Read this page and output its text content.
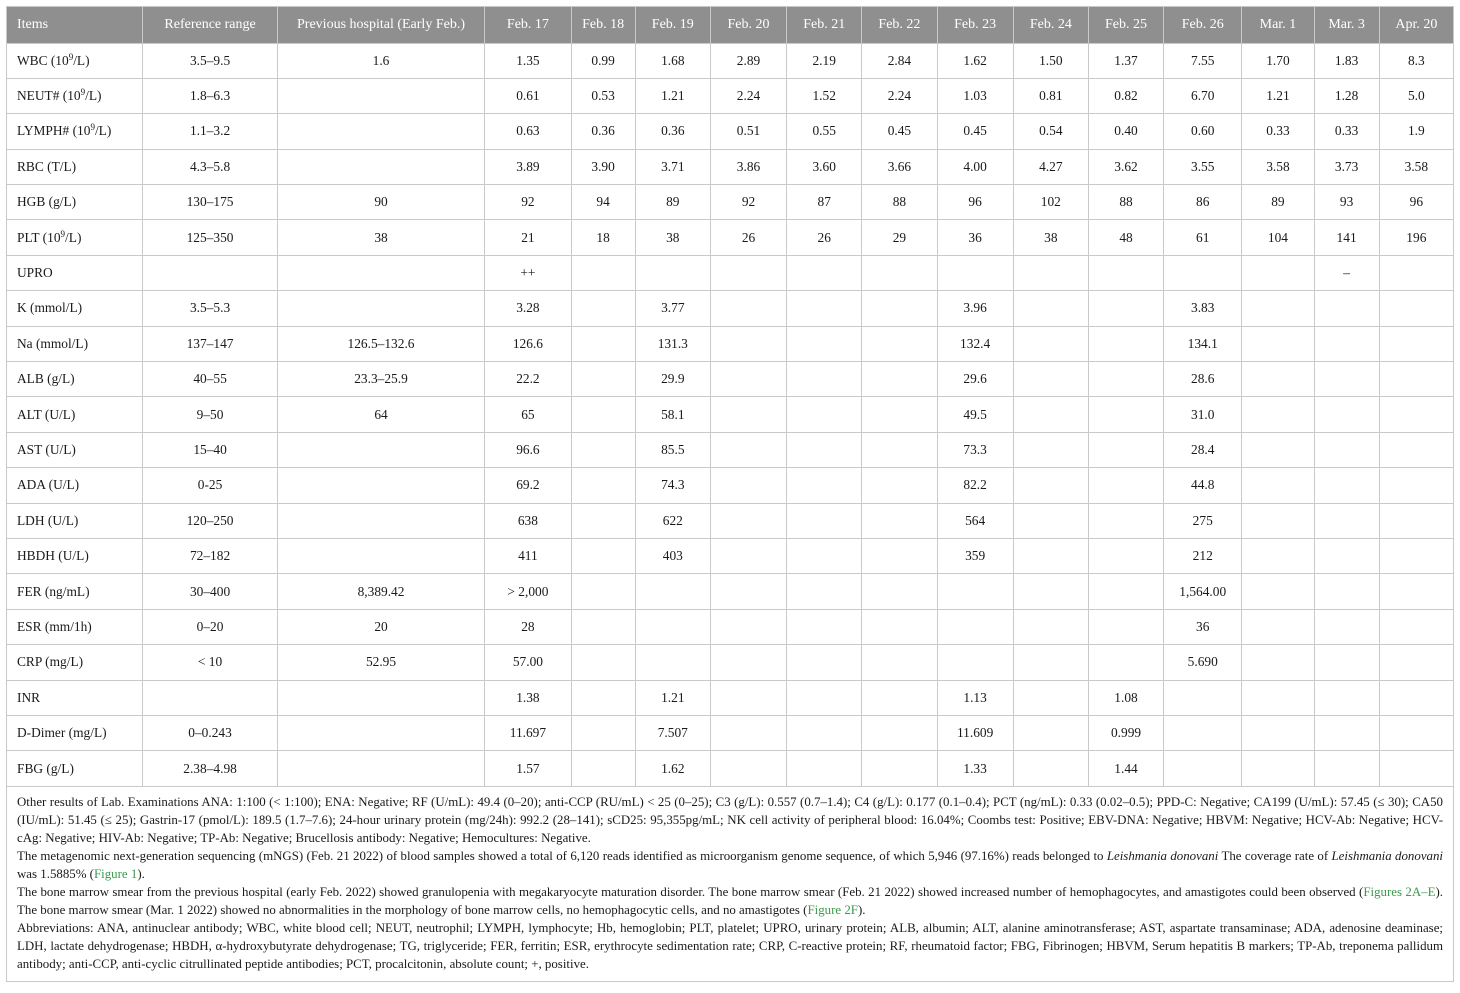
Items	Reference range	Previous hospital (Early Feb.)	Feb. 17	Feb. 18	Feb. 19	Feb. 20	Feb. 21	Feb. 22	Feb. 23	Feb. 24	Feb. 25	Feb. 26	Mar. 1	Mar. 3	Apr. 20
WBC $(10^9/L)$	3.5–9.5	1.6	1.35	0.99	1.68	2.89	2.19	2.84	1.62	1.50	1.37	7.55	1.70	1.83	8.3
NEUT# $(10^9/L)$	1.8–6.3		0.61	0.53	1.21	2.24	1.52	2.24	1.03	0.81	0.82	6.70	1.21	1.28	5.0
LYMPH# $(10^9/L)$	1.1–3.2		0.63	0.36	0.36	0.51	0.55	0.45	0.45	0.54	0.40	0.60	0.33	0.33	1.9
RBC (T/L)	4.3–5.8		3.89	3.90	3.71	3.86	3.60	3.66	4.00	4.27	3.62	3.55	3.58	3.73	3.58
HGB (g/L)	130–175	90	92	94	89	92	87	88	96	102	88	86	89	93	96
PLT $(10^9/L)$	125–350	38	21	18	38	26	26	29	36	38	48	61	104	141	196
UPRO			++											–	
K (mmol/L)	3.5–5.3		3.28		3.77				3.96			3.83			
Na (mmol/L)	137–147	126.5–132.6	126.6		131.3				132.4			134.1			
ALB (g/L)	40–55	23.3–25.9	22.2		29.9				29.6			28.6			
ALT (U/L)	9–50	64	65		58.1				49.5			31.0			
AST (U/L)	15–40		96.6		85.5				73.3			28.4			
ADA (U/L)	0-25		69.2		74.3				82.2			44.8			
LDH (U/L)	120–250		638		622				564			275			
HBDH (U/L)	72–182		411		403				359			212			
FER (ng/mL)	30–400	8,389.42	> 2,000									1,564.00			
ESR (mm/1h)	0–20	20	28									36			
CRP (mg/L)	< 10	52.95	57.00									5.690			
INR			1.38		1.21				1.13		1.08				
D-Dimer (mg/L)	0–0.243		11.697		7.507				11.609		0.999				
FBG (g/L)	2.38–4.98		1.57		1.62				1.33		1.44				

Other results of Lab. Examinations ANA: 1:100 (< 1:100); ENA: Negative; RF (U/mL): 49.4 (0–20); anti-CCP (RU/mL) < 25 (0–25); C3 (g/L): 0.557 (0.7–1.4); C4 (g/L): 0.177 (0.1–0.4); PCT (ng/mL): 0.33 (0.02–0.5); PPD-C: Negative; CA199 (U/mL): 57.45 (≤ 30); CA50 (IU/mL): 51.45 (≤ 25); Gastrin-17 (pmol/L): 189.5 (1.7–7.6); 24-hour urinary protein (mg/24h): 992.2 (28–141); sCD25: 95,355pg/mL; NK cell activity of peripheral blood: 16.04%; Coombs test: Positive; EBV-DNA: Negative; HBVM: Negative; HCV-Ab: Negative; HCV-cAg: Negative; HIV-Ab: Negative; TP-Ab: Negative; Brucellosis antibody: Negative; Hemocultures: Negative.

The metagenomic next-generation sequencing (mNGS) (Feb. 21 2022) of blood samples showed a total of 6,120 reads identified as microorganism genome sequence, of which 5,946 (97.16%) reads belonged to Leishmania donovani The coverage rate of Leishmania donovani was 1.5885% (Figure 1).

The bone marrow smear from the previous hospital (early Feb. 2022) showed granulopenia with megakaryocyte maturation disorder. The bone marrow smear (Feb. 21 2022) showed increased number of hemophagocytes, and amastigotes could been observed (Figures 2A–E). The bone marrow smear (Mar. 1 2022) showed no abnormalities in the morphology of bone marrow cells, no hemophagocytic cells, and no amastigotes (Figure 2F).

Abbreviations: ANA, antinuclear antibody; WBC, white blood cell; NEUT, neutrophil; LYMPH, lymphocyte; Hb, hemoglobin; PLT, platelet; UPRO, urinary protein; ALB, albumin; ALT, alanine aminotransferase; AST, aspartate transaminase; ADA, adenosine deaminase; LDH, lactate dehydrogenase; HBDH, α-hydroxybutyrate dehydrogenase; TG, triglyceride; FER, ferritin; ESR, erythrocyte sedimentation rate; CRP, C-reactive protein; RF, rheumatoid factor; FBG, Fibrinogen; HBVM, Serum hepatitis B markers; TP-Ab, treponema pallidum antibody; anti-CCP, anti-cyclic citrullinated peptide antibodies; PCT, procalcitonin, absolute count; +, positive.
